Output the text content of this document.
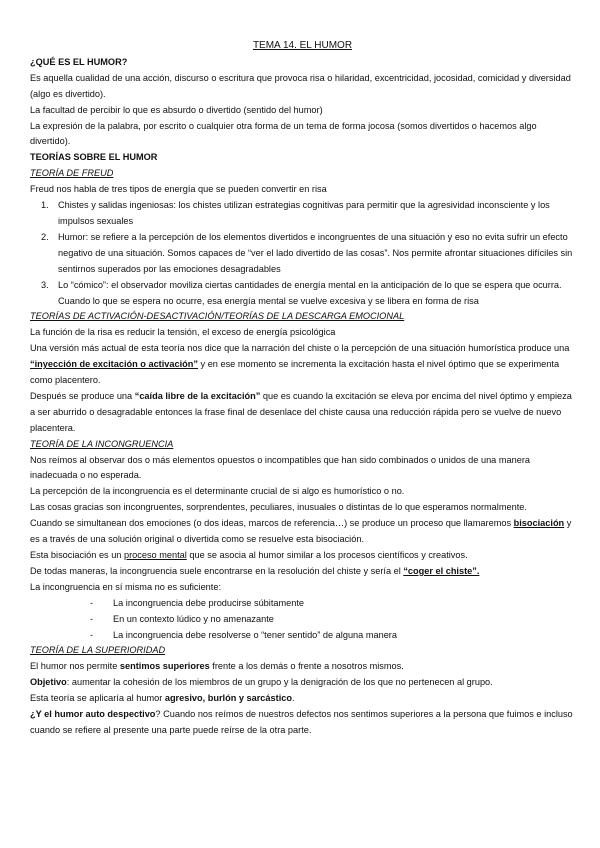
TEMA 14. EL HUMOR

¿QUÉ ES EL HUMOR?

Es aquella cualidad de una acción, discurso o escritura que provoca risa o hilaridad, excentricidad, jocosidad, comicidad y diversidad (algo es divertido).

La facultad de percibir lo que es absurdo o divertido (sentido del humor)

La expresión de la palabra, por escrito o cualquier otra forma de un tema de forma jocosa (somos divertidos o hacemos algo divertido).

TEORÍAS SOBRE EL HUMOR

TEORÍA DE FREUD

Freud nos habla de tres tipos de energía que se pueden convertir en risa

1. Chistes y salidas ingeniosas: los chistes utilizan estrategias cognitivas para permitir que la agresividad inconsciente y los impulsos sexuales
2. Humor: se refiere a la percepción de los elementos divertidos e incongruentes de una situación y eso no evita sufrir un efecto negativo de una situación. Somos capaces de “ver el lado divertido de las cosas”. Nos permite afrontar situaciones difíciles sin sentirnos superados por las emociones desagradables
3. Lo “cómico”: el observador moviliza ciertas cantidades de energía mental en la anticipación de lo que se espera que ocurra. Cuando lo que se espera no ocurre, esa energía mental se vuelve excesiva y se libera en forma de risa

TEORÍAS DE ACTIVACIÓN-DESACTIVACIÓN/TEORÍAS DE LA DESCARGA EMOCIONAL

La función de la risa es reducir la tensión, el exceso de energía psicológica

Una versión más actual de esta teoría nos dice que la narración del chiste o la percepción de una situación humorística produce una “inyección de excitación o activación” y en ese momento se incrementa la excitación hasta el nivel óptimo que se experimenta como placentero.

Después se produce una “caída libre de la excitación” que es cuando la excitación se eleva por encima del nivel óptimo y empieza a ser aburrido o desagradable entonces la frase final de desenlace del chiste causa una reducción rápida pero se vuelve de nuevo placentera.

TEORÍA DE LA INCONGRUENCIA

Nos reímos al observar dos o más elementos opuestos o incompatibles que han sido combinados o unidos de una manera inadecuada o no esperada.

La percepción de la incongruencia es el determinante crucial de si algo es humorístico o no.

Las cosas gracias son incongruentes, sorprendentes, peculiares, inusuales o distintas de lo que esperamos normalmente.

Cuando se simultanean dos emociones (o dos ideas, marcos de referencia…) se produce un proceso que llamaremos bisociación y es a través de una solución original o divertida como se resuelve esta bisociación.

Esta bisociación es un proceso mental que se asocia al humor similar a los procesos científicos y creativos.

De todas maneras, la incongruencia suele encontrarse en la resolución del chiste y sería el “coger el chiste”.

La incongruencia en sí misma no es suficiente:

- La incongruencia debe producirse súbitamente
- En un contexto lúdico y no amenazante
- La incongruencia debe resolverse o “tener sentido” de alguna manera

TEORÍA DE LA SUPERIORIDAD

El humor nos permite sentimos superiores frente a los demás o frente a nosotros mismos.

Objetivo: aumentar la cohesión de los miembros de un grupo y la denigración de los que no pertenecen al grupo.

Esta teoría se aplicaría al humor agresivo, burlón y sarcástico.

¿Y el humor auto despectivo? Cuando nos reímos de nuestros defectos nos sentimos superiores a la persona que fuimos e incluso cuando se refiere al presente una parte puede reírse de la otra parte.
